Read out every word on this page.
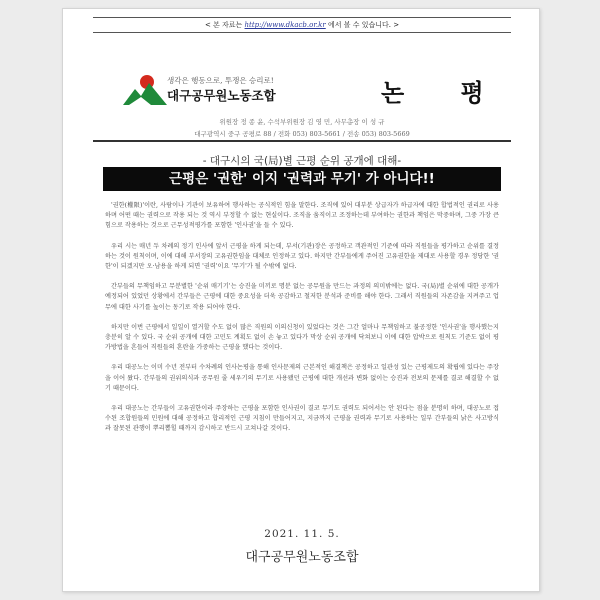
< 본 자료는 http://www.dkacb.or.kr 에서 볼 수 있습니다. >
생각은 행동으로, 투쟁은 승리로!
대구공무원노동조합	논 평
위원장 정 종 윤, 수석부위원장 김 영 민, 사무총장 이 성 규
대구광역시 중구 공평로 88 / 전화 053) 803-5661 / 전송 053) 803-5669
- 대구시의 국(局)별 근평 순위 공개에 대해-
근평은 '권한' 이지 '권력과 무기' 가 아니다!!

'권한(權限)'이란, 사람이나 기관이 보유하여 행사하는 공식적인 힘을 말한다. 조직에 있어 대부분 상급자가 하급자에 대한 합법적인 권리로 사용하며 어떤 때는 권력으로 작용 되는 것 역시 부정할 수 없는 현실이다. 조직을 움직이고 조정하는데 부여하는 권한과 책임은 막중하며, 그중 가장 큰 힘으로 작용하는 것으로 근무성적평가를 포함한 '인사권'을 들 수 있다.

우리 시는 매년 두 차례의 정기 인사에 앞서 근평을 하게 되는데, 부서(기관)장은 공정하고 객관적인 기준에 따라 직원들을 평가하고 순위를 결정하는 것이 원칙이며, 이에 대해 부서장의 고유권한임을 대체로 인정하고 있다. 하지만 간부들에게 주어진 고유권한을 제대로 사용할 경우 정당한 '권한'이 되겠지만 오·남용을 하게 되면 '권력'이요 '무기'가 될 수밖에 없다.

간부들의 무책임하고 무분별한 '순위 매기기'는 승진을 미끼로 명분 없는 공무원을 만드는 과정의 의미밖에는 없다. 국(局)별 순위에 대한 공개가 예정되어 있었던 상황에서 간부들은 근평에 대한 중요성을 더욱 공감하고 철저한 분석과 준비를 해야 한다. 그래서 직원들의 자존감을 지켜주고 업무에 대한 사기를 높이는 동기로 작용 되어야 한다.

하지만 이번 근평에서 일일이 열거할 수도 없이 많은 직원의 이의신청이 있었다는 것은 그간 얼마나 무책임하고 불공정한 '인사권'을 행사했는지 충분히 알 수 있다. 국 순위 공개에 대한 고민도 계획도 없이 손 놓고 있다가 막상 순위 공개에 닥쳐보니 이에 대한 압박으로 원칙도 기준도 없이 평가방법을 흔들어 직원들의 혼란을 가중하는 근평을 했다는 것이다.

우리 대공노는 이미 수년 전부터 수차례의 인사논평을 통해 인사문제의 근본적인 해결책은 공정하고 일관성 있는 근평제도의 확립에 있다는 주장을 이어 왔다. 간부들의 권위의식과 공무원 줄 세우기의 무기로 사용됐던 근평에 대한 개선과 변화 없이는 승진과 전보의 문제를 결코 해결할 수 없기 때문이다.

우리 대공노는 간부들이 고유권한이라 주장하는 근평을 포함한 인사권이 결코 무기도 권력도 되어서는 안 된다는 점을 분명히 하며, 대공노로 접수된 조합원들의 민원에 대해 공정하고 합리적인 근평 지침이 만들어지고, 지금까지 근평을 권력과 무기로 사용하는 일부 간부들의 낡은 사고방식과 잘못된 관행이 뿌리뽑힐 때까지 감시하고 반드시 고쳐나갈 것이다.

2021. 11. 5.
대구공무원노동조합
